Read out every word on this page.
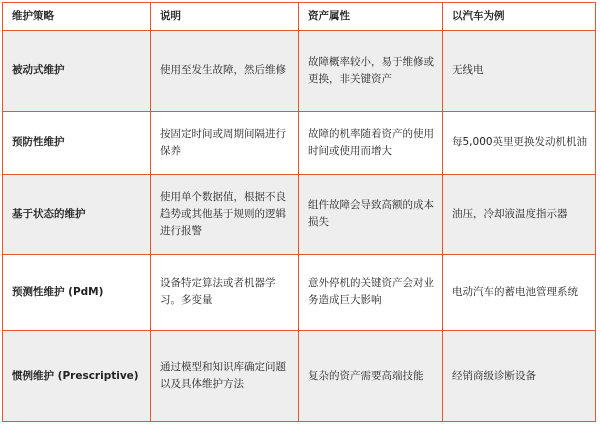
维护策略	说明	资产属性	以汽车为例
被动式维护	使用至发生故障，然后维修	故障概率较小，易于维修或更换，非关键资产	无线电
预防性维护	按固定时间或周期间隔进行保养	故障的机率随着资产的使用时间或使用而增大	每5,000英里更换发动机机油
基于状态的维护	使用单个数据值，根据不良趋势或其他基于规则的逻辑进行报警	组件故障会导致高额的成本损失	油压，冷却液温度指示器
预测性维护 (PdM)	设备特定算法或者机器学习。多变量	意外停机的关键资产会对业务造成巨大影响	电动汽车的蓄电池管理系统
惯例维护 (Prescriptive)	通过模型和知识库确定问题以及具体维护方法	复杂的资产需要高端技能	经销商级诊断设备
